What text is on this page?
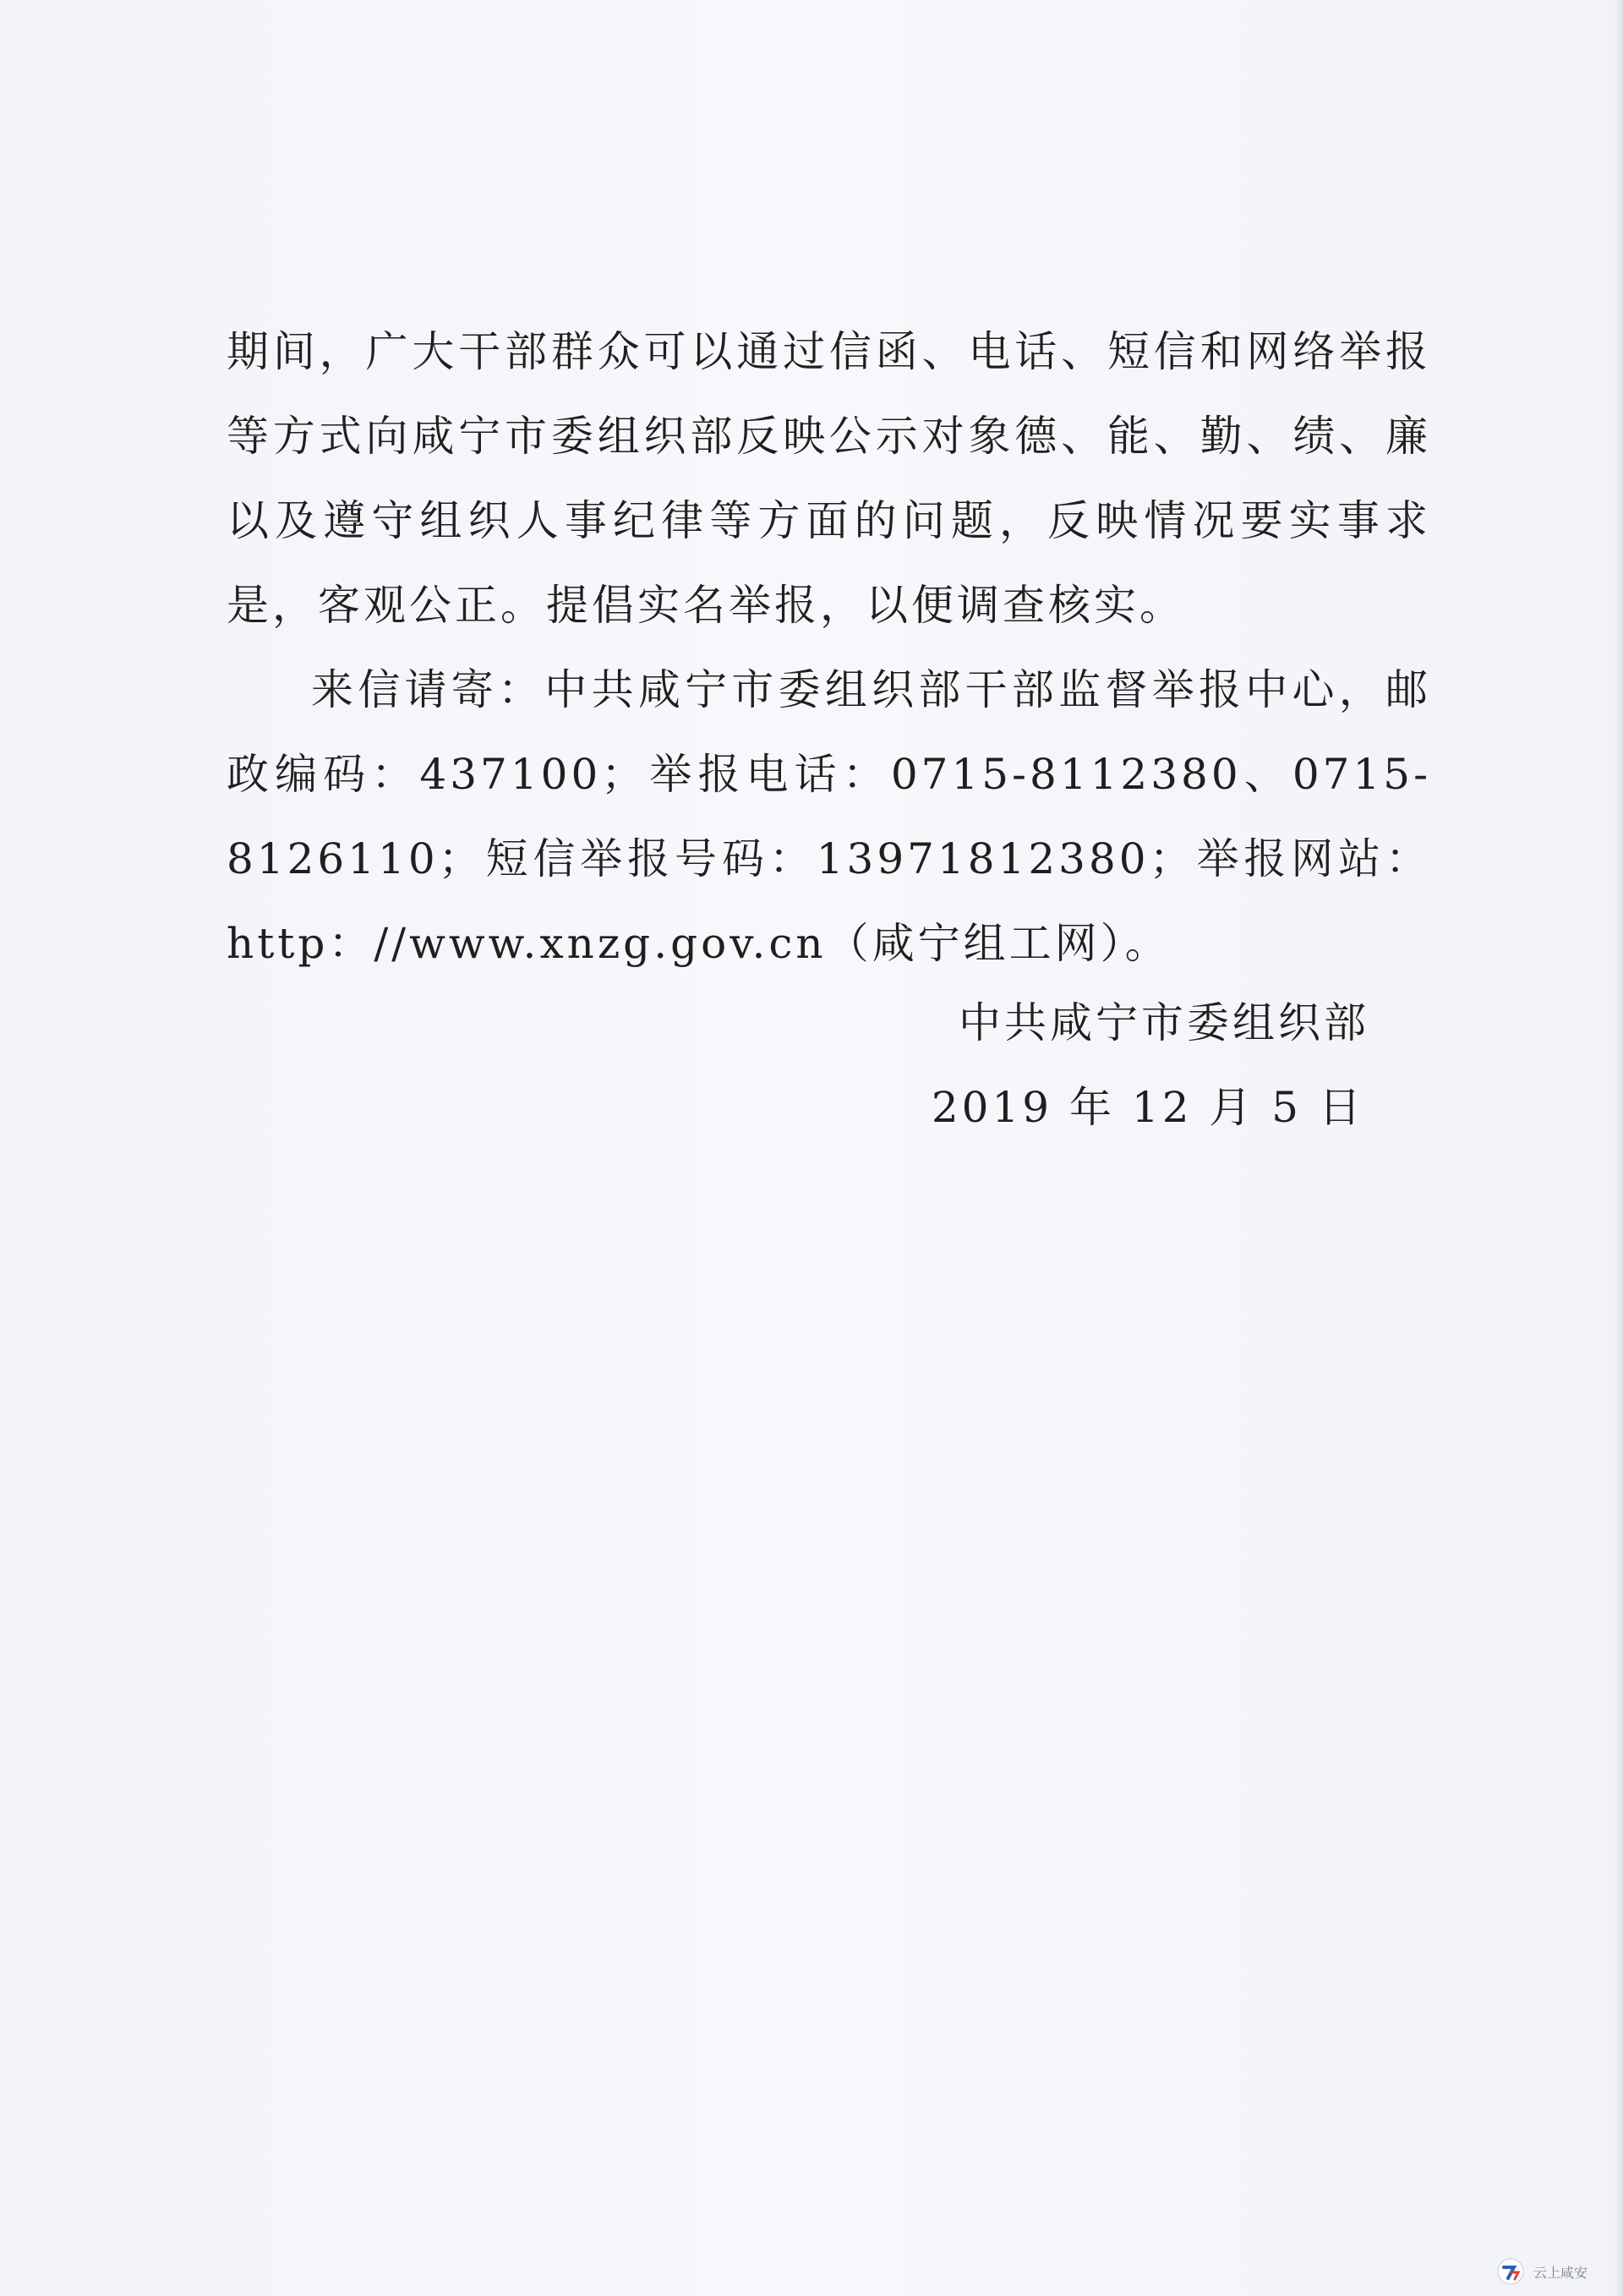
期间，广大干部群众可以通过信函、电话、短信和网络举报等方式向咸宁市委组织部反映公示对象德、能、勤、绩、廉以及遵守组织人事纪律等方面的问题，反映情况要实事求是，客观公正。提倡实名举报，以便调查核实。

来信请寄：中共咸宁市委组织部干部监督举报中心，邮政编码：437100；举报电话：0715-8112380、0715-8126110；短信举报号码：13971812380；举报网站：http：//www.xnzg.gov.cn（咸宁组工网）。

中共咸宁市委组织部
2019 年 12 月 5 日
云上咸安
